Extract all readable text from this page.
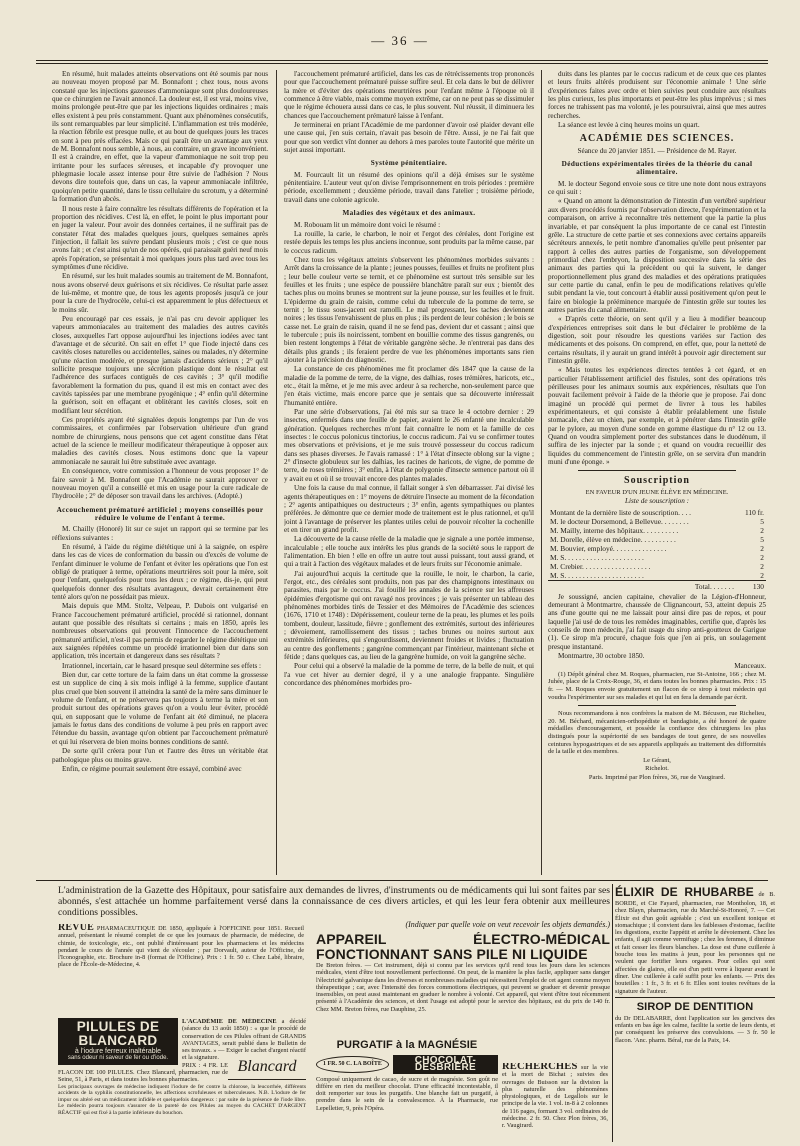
— 36 —

En résumé, huit malades atteints observations ont été soumis par nous au nouveau moyen proposé par M. Bonnafont ; chez tous, nous avons constaté que les injections gazeuses d'ammoniaque sont plus douloureuses que ce chirurgien ne l'avait annoncé. La douleur est, il est vrai, moins vive, moins prolongée peut-être que par les injections liquides ordinaires ; mais elles existent à peu près constamment. Quant aux phénomènes consécutifs, ils sont remarquables par leur simplicité. L'inflammation est très modérée, la réaction fébrile est presque nulle, et au bout de quelques jours les traces en sont à peu près effacées. Mais ce qui paraît être un avantage aux yeux de M. Bonnafont nous semble, à nous, au contraire, un grave inconvénient. Il est à craindre, en effet, que la vapeur d'ammoniaque ne soit trop peu irritante pour les surfaces séreuses, et incapable d'y provoquer une phlegmasie locale assez intense pour être suivie de l'adhésion ? Nous devons dire toutefois que, dans un cas, la vapeur ammoniacale infiltrée, quoiqu'en petite quantité, dans le tissu cellulaire du scrotum, y a déterminé la formation d'un abcès.

Il nous reste à faire connaître les résultats différents de l'opération et la proportion des récidives. C'est là, en effet, le point le plus important pour en juger la valeur. Pour avoir des données certaines, il ne suffirait pas de constater l'état des malades quelques jours, quelques semaines après l'injection, il fallait les suivre pendant plusieurs mois ; c'est ce que nous avons fait ; et c'est ainsi qu'un de nos opérés, qui paraissait guéri neuf mois après l'opération, se présentait à moi quelques jours plus tard avec tous les symptômes d'une récidive.

En résumé, sur les huit malades soumis au traitement de M. Bonnafont, nous avons observé deux guérisons et six récidives. Ce résultat parle assez de lui-même, et montre que, de tous les agents proposés jusqu'à ce jour pour la cure de l'hydrocèle, celui-ci est apparemment le plus défectueux et le moins sûr.

Peu encouragé par ces essais, je n'ai pas cru devoir appliquer les vapeurs ammoniacales au traitement des maladies des autres cavités closes, auxquelles l'art oppose aujourd'hui les injections iodées avec tant d'avantage et de sécurité. On sait en effet 1° que l'iode injecté dans ces cavités closes naturelles ou accidentelles, saines ou malades, n'y détermine qu'une réaction modérée, et presque jamais d'accidents sérieux ; 2° qu'il sollicite presque toujours une sécrétion plastique dont le résultat est l'adhérence des surfaces contiguës de ces cavités ; 3° qu'il modifie favorablement la formation du pus, quand il est mis en contact avec des cavités tapissées par une membrane pyogénique ; 4° enfin qu'il détermine la guérison, soit en effaçant et oblitérant les cavités closes, soit en modifiant leur sécrétion.

Ces propriétés ayant été signalées depuis longtemps par l'un de vos commissaires, et confirmées par l'observation ultérieure d'un grand nombre de chirurgiens, nous pensons que cet agent constitue dans l'état actuel de la science le meilleur modificateur thérapeutique à opposer aux maladies des cavités closes. Nous estimons donc que la vapeur ammoniacale ne saurait lui être substituée avec avantage.

En conséquence, votre commission a l'honneur de vous proposer 1° de faire savoir à M. Bonnafont que l'Académie ne saurait approuver ce nouveau moyen qu'il a conseillé et mis en usage pour la cure radicale de l'hydrocèle ; 2° de déposer son travail dans les archives. (Adopté.)

Accouchement prématuré artificiel ; moyens conseillés pour réduire le volume de l'enfant à terme.

M. Chailly (Honoré) lit sur ce sujet un rapport qui se termine par les réflexions suivantes :

En résumé, à l'aide du régime diététique uni à la saignée, on espère dans les cas de vices de conformation du bassin ou d'excès de volume de l'enfant diminuer le volume de l'enfant et éviter les opérations que l'on est obligé de pratiquer à terme, opérations meurtrières soit pour la mère, soit pour l'enfant, quelquefois pour tous les deux ; ce régime, dis-je, qui peut quelquefois donner des résultats avantageux, devrait certainement être tenté alors qu'on ne possédait pas mieux.

Mais depuis que MM. Stoltz, Velpeau, P. Dubois ont vulgarisé en France l'accouchement prématuré artificiel, procédé si rationnel, donnant autant que possible des résultats si certains ; mais en 1850, après les nombreuses observations qui prouvent l'innocence de l'accouchement prématuré artificiel, n'est-il pas permis de regarder le régime diététique uni aux saignées répétées comme un procédé irrationnel bien dur dans son application, très incertain et dangereux dans ses résultats ?

Irrationnel, incertain, car le hasard presque seul détermine ses effets :

Bien dur, car cette torture de la faim dans un état comme la grossesse est un supplice de cinq à six mois infligé à la femme, supplice d'autant plus cruel que bien souvent il atteindra la santé de la mère sans diminuer le volume de l'enfant, et ne préservera pas toujours à terme la mère et son produit surtout des opérations graves qu'on a voulu leur éviter, procédé qui, en supposant que le volume de l'enfant ait été diminué, ne placera jamais le fœtus dans des conditions de volume à peu près en rapport avec l'étendue du bassin, avantage qu'on obtient par l'accouchement prématuré et qui lui réservera de bien moins bonnes conditions de santé.

De sorte qu'il créera pour l'un et l'autre des êtres un véritable état pathologique plus ou moins grave.

Enfin, ce régime pourrait seulement être essayé, combiné avec

l'accouchement prématuré artificiel, dans les cas de rétrécissements trop prononcés pour que l'accouchement prématuré puisse suffire seul. Et cela dans le but de délivrer la mère et d'éviter des opérations meurtrières pour l'enfant même à l'époque où il commence à être viable, mais comme moyen extrême, car on ne peut pas se dissimuler que le régime échouera aussi dans ce cas, le plus souvent. Nul réussit, il diminuera les chances que l'accouchement prématuré laisse à l'enfant.

Je terminerai en priant l'Académie de me pardonner d'avoir osé plaider devant elle une cause qui, j'en suis certain, n'avait pas besoin de l'être. Aussi, je ne l'ai fait que pour que son verdict vînt donner au dehors à mes paroles toute l'autorité que mérite un sujet aussi important.

Système pénitentiaire.

M. Fourcault lit un résumé des opinions qu'il a déjà émises sur le système pénitentiaire. L'auteur veut qu'on divise l'emprisonnement en trois périodes : première période, excellemment ; deuxième période, travail dans l'atelier ; troisième période, travail dans une colonie agricole.

Maladies des végétaux et des animaux.

M. Robouam lit un mémoire dont voici le résumé :

La rouille, la carie, le charbon, le noir et l'ergot des céréales, dont l'origine est restée depuis les temps les plus anciens inconnue, sont produits par la même cause, par le coccus radicum.

Chez tous les végétaux atteints s'observent les phénomènes morbides suivants : Arrêt dans la croissance de la plante ; jeunes pousses, feuilles et fruits ne profitent plus ; leur belle couleur verte se ternit, et ce phénomène est surtout très sensible sur les feuilles et les fruits ; une espèce de poussière blanchâtre paraît sur eux ; bientôt des taches plus ou moins brunes se montrent sur la jeune pousse, sur les feuilles et le fruit. L'épiderme du grain de raisin, comme celui du tubercule de la pomme de terre, se ternit ; le tissu sous-jacent est ramolli. Le mal progressant, les taches deviennent noires ; les tissus l'envahissent de plus en plus ; ils perdent de leur cohésion ; le bois se casse net. Le grain de raisin, quand il ne se fend pas, devient dur et cassant ; ainsi que le tubercule ; puis ils noircissent, tombent en bouillie comme des tissus gangrenés, ou bien restent longtemps à l'état de véritable gangrène sèche. Je n'entrerai pas dans des détails plus grands ; ils feraient perdre de vue les phénomènes importants sans rien ajouter à la précision du diagnostic.

La constance de ces phénomènes me fit proclamer dès 1847 que la cause de la maladie de la pomme de terre, de la vigne, des dalhias, roses trémières, haricots, etc., etc., était la même, et je me mis avec ardeur à sa recherche, non-seulement parce que j'en étais victime, mais encore parce que je sentais que sa découverte intéressait l'humanité entière.

Par une série d'observations, j'ai été mis sur sa trace le 4 octobre dernier : 29 insectes, enfermés dans une feuille de papier, avaient le 26 enfanté une incalculable génération. Quelques recherches m'ont fait connaître le nom et la famille de ces insectes : le coccus polonicus tinctorius, le coccus radicum. J'ai vu se confirmer toutes mes observations et prévisions, et je me suis trouvé possesseur du coccus radicum dans ses phases diverses. Je l'avais ramassé : 1° à l'état d'insecte oblong sur la vigne ; 2° d'insecte globuleux sur les dalhias, les racines de haricots, de vigne, de pomme de terre, de roses trémières ; 3° enfin, à l'état de polygonie d'insecte semence partout où il y avait eu et où il se trouvait encore des plantes malades.

Une fois la cause du mal connue, il fallait songer à s'en débarrasser. J'ai divisé les agents thérapeutiques en : 1° moyens de détruire l'insecte au moment de la fécondation ; 2° agents antipathiques ou destructeurs ; 3° enfin, agents sympathiques ou plantes préférées. Je démontre que ce dernier mode de traitement est le plus rationnel, et qu'il joint à l'avantage de préserver les plantes utiles celui de pouvoir récolter la cochenille et en tirer un grand profit.

La découverte de la cause réelle de la maladie que je signale a une portée immense, incalculable ; elle touche aux intérêts les plus grands de la société sous le rapport de l'alimentation. Eh bien ! elle en offre un autre tout aussi puissant, tout aussi grand, et qui a trait à l'action des végétaux malades et de leurs fruits sur l'économie animale.

J'ai aujourd'hui acquis la certitude que la rouille, le noir, le charbon, la carie, l'ergot, etc., des céréales sont produits, non pas par des champignons intestinaux ou parasites, mais par le coccus. J'ai fouillé les annales de la science sur les affreuses épidémies d'ergotisme qui ont ravagé nos provinces ; je vais présenter un tableau des phénomènes morbides tirés de Tessier et des Mémoires de l'Académie des sciences (1676, 1710 et 1748) : Dépérissement, couleur terne de la peau, les plumes et les poils tombent, douleur, lassitude, fièvre ; gonflement des extrémités, surtout des inférieures ; dévoiement, ramollissement des tissus ; taches brunes ou noires surtout aux extrémités inférieures, qui s'engourdissent, deviennent froides et livides ; fluctuation au centre des gonflements ; gangrène commençant par l'intérieur, maintenant sèche et fétide ; dans quelques cas, au lieu de la gangrène humide, on voit la gangrène sèche.

Pour celui qui a observé la maladie de la pomme de terre, de la belle de nuit, et qui l'a vue cet hiver au dernier degré, il y a une analogie frappante. Singulière concordance des phénomènes morbides pro-

duits dans les plantes par le coccus radicum et de ceux que ces plantes et leurs fruits altérés produisent sur l'économie animale ! Une série d'expériences faites avec ordre et bien suivies peut conduire aux résultats les plus curieux, les plus importants et peut-être les plus imprévus ; si mes forces ne trahissent pas ma volonté, je les poursuivrai, ainsi que mes autres recherches.

La séance est levée à cinq heures moins un quart.

ACADÉMIE DES SCIENCES.

Séance du 20 janvier 1851. — Présidence de M. Rayer.

Déductions expérimentales tirées de la théorie du canal alimentaire.

M. le docteur Segond envoie sous ce titre une note dont nous extrayons ce qui suit :

« Quand on amont la démonstration de l'intestin d'un vertébré supérieur aux divers procédés fournis par l'observation directe, l'expérimentation et la comparaison, on arrive à reconnaître très nettement que la partie la plus invariable, et par conséquent la plus importante de ce canal est l'intestin grêle. La structure de cette partie et ses connexions avec certains appareils sécréteurs annexés, le petit nombre d'anomalies qu'elle peut présenter par rapport à celles des autres parties de l'organisme, son développement primordial chez l'embryon, la disposition successive dans la série des animaux des parties qui la précèdent ou qui la suivent, le danger proportionnellement plus grand des maladies et des opérations pratiquées sur cette partie du canal, enfin le peu de modifications relatives qu'elle subit pendant la vie, tout concourt à établir aussi positivement qu'on peut le faire en biologie la prééminence marquée de l'intestin grêle sur toutes les autres parties du canal alimentaire.

« D'après cette théorie, on sent qu'il y a lieu à modifier beaucoup d'expériences entreprises soit dans le but d'éclairer le problème de la digestion, soit pour résoudre les questions variées sur l'action des médicaments et des poisons. On comprend, en effet, que, pour la netteté de certains résultats, il y aurait un grand intérêt à pouvoir agir directement sur l'intestin grêle.

« Mais toutes les expériences directes tentées à cet égard, et en particulier l'établissement artificiel des fistules, sont des opérations très périlleuses pour les animaux soumis aux expériences, résultats que l'on pouvait facilement prévoir à l'aide de la théorie que je propose. J'ai donc imaginé un procédé qui permet de livrer à tous les habiles expérimentateurs, et qui consiste à établir préalablement une fistule stomacale, chez un chien, par exemple, et à pénétrer dans l'intestin grêle par le pylore, au moyen d'une sonde en gomme élastique du n° 12 ou 13. Quand on voudra simplement porter des substances dans le duodénum, il suffira de les injecter par la sonde ; et quand on voudra recueillir des liquides du commencement de l'intestin grêle, on se servira d'un mandrin muni d'une éponge. »

Souscription

EN FAVEUR D'UN JEUNE ÉLÈVE EN MÉDECINE.

Liste de souscription :

Montant de la dernière liste de souscription. . . .	110 fr.
M. le docteur Dorsemond, à Bellevue. . . . . . . .	5
M. Mailly, interne des hôpitaux. . . . . . . . . .	2
M. Dorelle, élève en médecine. . . . . . . . . .	5
M. Bouvier, employé. . . . . . . . . . . . . . .	2
M. S. . . . . . . . . . . . . . . . . . . . . .	2
M. Crebier. . . . . . . . . . . . . . . . . . .	2
M. S. . . . . . . . . . . . . . . . . . . . . .	2
Total. . . . . . .	130

Je soussigné, ancien capitaine, chevalier de la Légion-d'Honneur, demeurant à Montmartre, chaussée de Clignancourt, 53, atteint depuis 25 ans d'une goutte qui ne me laissait pour ainsi dire pas de repos, et pour laquelle j'ai usé de de tous les remèdes imaginables, certifie que, d'après les conseils de mon médecin, j'ai fait usage du sirop anti-goutteux de Garigue (1). Ce sirop m'a procuré, chaque fois que j'en ai pris, un soulagement presque instantané.

Montmartre, 30 octobre 1850.

Manceaux.

(1) Dépôt général chez M. Roques, pharmacien, rue St-Antoine, 166 ; chez M. Juhée, place de la Croix-Rouge, 36, et dans toutes les bonnes pharmacies. Prix : 15 fr. — M. Roques envoie gratuitement un flacon de ce sirop à tout médecin qui voudra l'expérimenter sur ses malades et qui lui en fera la demande par écrit.

Nous recommandons à nos confrères la maison de M. Bécuson, rue Richelieu, 20. M. Béchard, mécanicien-orthopédiste et bandagiste, a été honoré de quatre médailles d'encouragement, et possède la confiance des chirurgiens les plus distingués pour la supériorité de ses bandages de tout genre, de ses nouvelles ceintures hypogastriques et de ses appareils appliqués au traitement des difformités de la taille et des membres.

Le Gérant,

Richelot.

Paris. Imprimé par Plon frères, 36, rue de Vaugirard.

L'administration de la Gazette des Hôpitaux, pour satisfaire aux demandes de livres, d'instruments ou de médicaments qui lui sont faites par ses abonnés, s'est attachée un homme parfaitement versé dans la connaissance de ces divers articles, et qui les leur fera obtenir aux meilleures conditions possibles.

(Indiquer par quelle voie on veut recevoir les objets demandés.)

REVUE PHARMACEUTIQUE DE 1850, appliquée à l'OFFICINE pour 1851. Recueil annuel, présentant le résumé complet de ce que les journaux de pharmacie, de médecine, de chimie, de toxicologie, etc., ont publié d'intéressant pour les pharmaciens et les médecins pendant le cours de l'année qui vient de s'écouler ; par Dorvault, auteur de l'Officine, de l'Iconographie, etc. Brochure in-8 (format de l'Officine). Prix : 1 fr. 50 c. Chez Labé, libraire, place de l'École-de-Médecine, 4.
APPAREIL ÉLECTRO-MÉDICAL FONCTIONNANT SANS PILE NI LIQUIDE
De Breton frères. — Cet instrument, déjà si connu par les services qu'il rend tous les jours dans les sciences médicales, vient d'être tout nouvellement perfectionné. On peut, de la manière la plus facile, appliquer sans danger l'électricité galvanique dans les diverses et nombreuses maladies qui nécessitent l'emploi de cet agent comme moyen thérapeutique ; car, avec l'intensité des forces commotions électriques, qui peuvent se graduer et devenir presque insensibles, on peut aussi maintenant en graduer le nombre à volonté. Cet appareil, qui vient d'être tout récemment présenté à l'Académie des sciences, et dont l'usage est adopté pour le service des hôpitaux, est du prix de 140 fr. Chez MM. Breton frères, rue Dauphine, 25.
PILULES DE BLANCARD
à l'iodure ferreux inaltérable
sans odeur ni saveur de fer ou d'iode.
L'ACADÉMIE DE MÉDECINE a décidé (séance du 13 août 1850) : « que le procédé de conservation de ces Pilules offrant de GRANDS AVANTAGES, serait publié dans le Bulletin de ses travaux. » — Exiger le cachet d'argent réactif et la signature.
Blancard

PRIX : 4 FR. LE FLACON DE 100 PILULES. Chez Blancard, pharmacien, rue de Seine, 51, à Paris, et dans toutes les bonnes pharmacies.

Les principaux ouvrages de médecine indiquent l'iodure de fer contre la chlorose, la leucorrhée, différents accidents de la syphilis constitutionnelle, les affections scrofuleuses et tuberculeuses. N.B. L'iodure de fer impur ou altéré est un médicament infidèle et quelquefois dangereux : par suite de la présence de l'iode libre. Le médecin pourra toujours s'assurer de la pureté de ces Pilules au moyen du CACHET D'ARGENT RÉACTIF qui est fixé à la partie inférieure du bouchon.

PURGATIF à la MAGNÉSIE
1 FR. 50 C. LA BOÎTE	CHOCOLAT-DESBRIÈRE
Composé uniquement de cacao, de sucre et de magnésie. Son goût ne diffère en rien du meilleur chocolat. D'une efficacité incontestable, il doit remporter sur tous les purgatifs. Une blanche fait un purgatif, à prendre dans le sein de la convalescence. À la Pharmacie, rue Lepelletier, 9, près l'Opéra.
RECHERCHES sur la vie et la mort de Bichat ; suivies des ouvrages de Buisson sur la division la plus naturelle des phénomènes physiologiques, et de Legallois sur le principe de la vie. 1 vol. in-8 à 2 colonnes de 116 pages, formant 3 vol. ordinaires de médecine. 2 fr. 50. Chez Plon frères, 36, r. Vaugirard.
ÉLIXIR DE RHUBARBE de B. BORDE, et Cie Fayard, pharmacien, rue Montholon, 18, et chez Blayn, pharmacien, rue du Marché-St-Honoré, 7. — Cet Élixir est d'un goût agréable ; c'est un excellent tonique et stomachique ; il convient dans les faiblesses d'estomac, facilite les digestions, excite l'appétit et arrête le dévoiement. Chez les enfants, il agit comme vermifuge ; chez les femmes, il diminue et fait cesser les fleurs blanches. La dose est d'une cuillerée à bouche tous les matins à jeun, pour les personnes qui ne veulent que fortifier leurs organes. Pour celles qui sont affectées de glaires, elle est d'un petit verre à liqueur avant le dîner. Une cuillerée à café suffit pour les enfants. — Prix des bouteilles : 1 fr., 3 fr. et 6 fr. Elles sont toutes revêtues de la signature de l'auteur.
SIROP DE DENTITION
du Dr DELABARRE, dont l'application sur les gencives des enfants en bas âge les calme, facilite la sortie de leurs dents, et par conséquent les préserve des convulsions. — 3 fr. 50 le flacon. 'Anc. pharm. Béral, rue de la Paix, 14.
